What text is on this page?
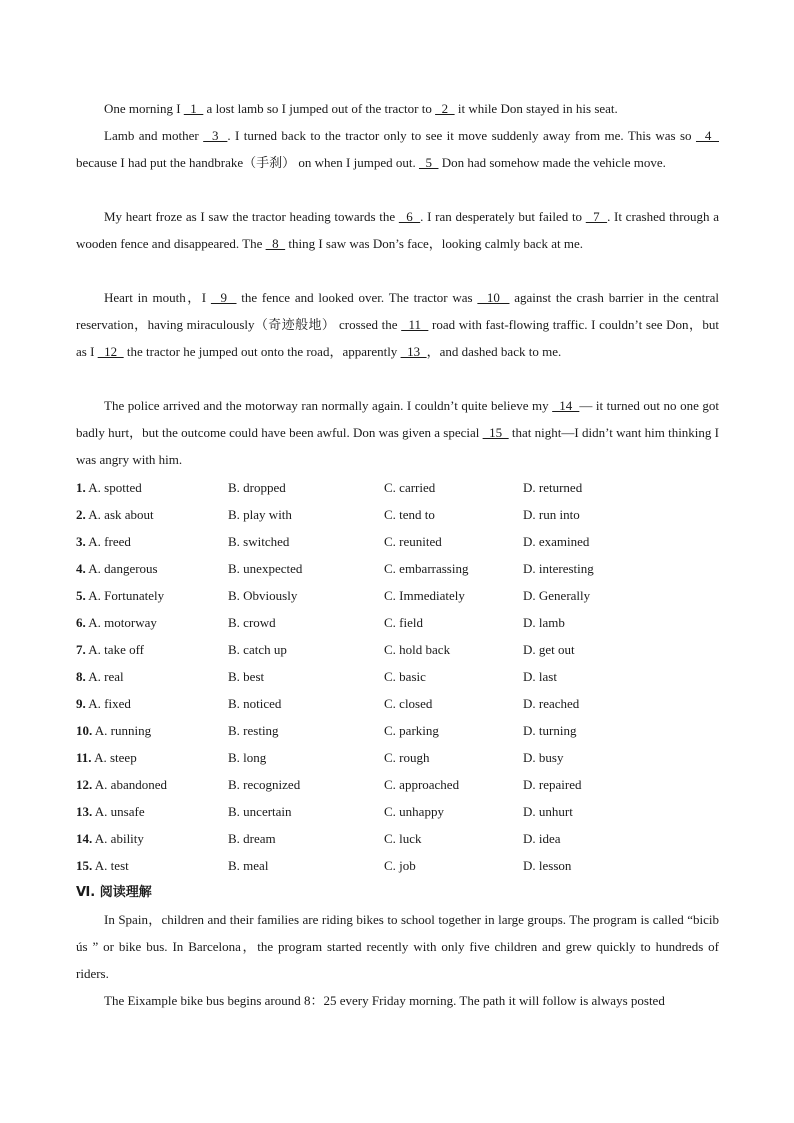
One morning I   1   a lost lamb so I jumped out of the tractor to   2   it while Don stayed in his seat.

Lamb and mother   3  . I turned back to the tractor only to see it move suddenly away from me. This was so   4   because I had put the handbrake（手刹） on when I jumped out.   5   Don had somehow made the vehicle move.

My heart froze as I saw the tractor heading towards the   6  . I ran desperately but failed to   7  . It crashed through a wooden fence and disappeared. The   8   thing I saw was Don’s face，looking calmly back at me.

Heart in mouth，I   9   the fence and looked over. The tractor was   10   against the crash barrier in the central reservation，having miraculously（奇迹般地） crossed the   11   road with fast-flowing traffic. I couldn’t see Don，but as I   12   the tractor he jumped out onto the road，apparently   13  ，and dashed back to me.

The police arrived and the motorway ran normally again. I couldn’t quite believe my   14  — it turned out no one got badly hurt，but the outcome could have been awful. Don was given a special   15   that night—I didn’t want him thinking I was angry with him.

1. A. spotted	B. dropped	C. carried	D. returned
2. A. ask about	B. play with	C. tend to	D. run into
3. A. freed	B. switched	C. reunited	D. examined
4. A. dangerous	B. unexpected	C. embarrassing	D. interesting
5. A. Fortunately	B. Obviously	C. Immediately	D. Generally
6. A. motorway	B. crowd	C. field	D. lamb
7. A. take off	B. catch up	C. hold back	D. get out
8. A. real	B. best	C. basic	D. last
9. A. fixed	B. noticed	C. closed	D. reached
10. A. running	B. resting	C. parking	D. turning
11. A. steep	B. long	C. rough	D. busy
12. A. abandoned	B. recognized	C. approached	D. repaired
13. A. unsafe	B. uncertain	C. unhappy	D. unhurt
14. A. ability	B. dream	C. luck	D. idea
15. A. test	B. meal	C. job	D. lesson
Ⅵ. 阅读理解

In Spain，children and their families are riding bikes to school together in large groups. The program is called “bicib ús ” or bike bus. In Barcelona，the program started recently with only five children and grew quickly to hundreds of riders.

The Eixample bike bus begins around 8：25 every Friday morning. The path it will follow is always posted
